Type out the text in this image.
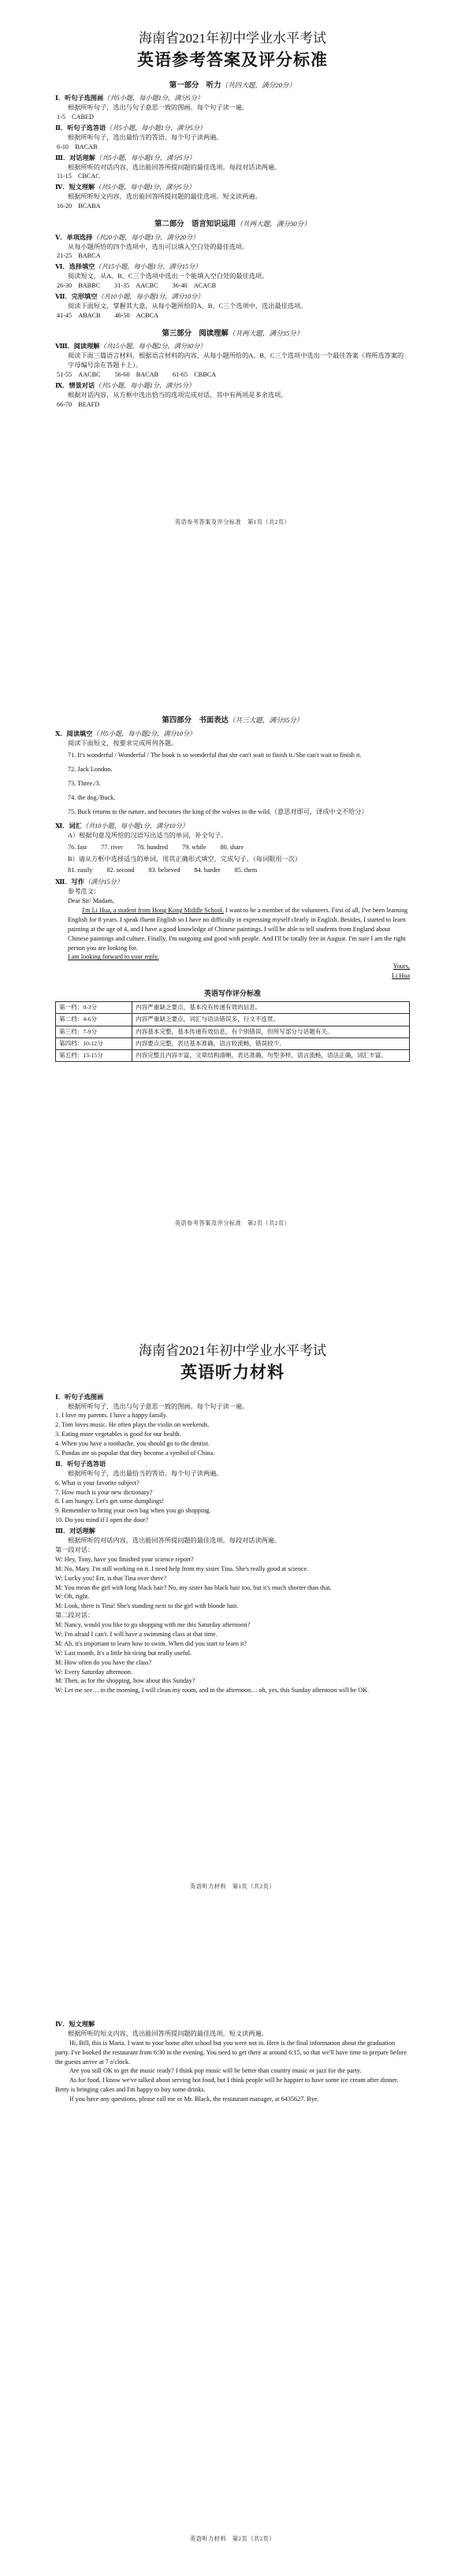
海南省2021年初中学业水平考试
英语参考答案及评分标准
第一部分　听力（共四大题，满分20分）
Ⅰ．听句子选图画（共5小题，每小题1分，满分5分）
根据所听句子，选出与句子意思一致的图画。每个句子读一遍。
1-5　CABED
Ⅱ．听句子选答语（共5小题，每小题1分，满分5分）
根据所听句子，选出最恰当的答语。每个句子读两遍。
6-10　BACAB
Ⅲ．对话理解（共5小题，每小题1分，满分5分）
根据所听的对话内容，选出能回答所提问题的最佳选项。每段对话读两遍。
11-15　CBCAC
Ⅳ．短文理解（共5小题，每小题1分，满分5分）
根据所听短文内容，选出能回答所提问题的最佳选项。短文读两遍。
16-20　BCABA
第二部分　语言知识运用（共两大题，满分30分）
Ⅴ．单项选择（共20小题，每小题1分，满分20分）
从每小题所给的四个选项中，选出可以填入空白处的最佳选项。
21-25　BABCA
Ⅵ．选择填空（共15小题，每小题1分，满分15分）
阅读短文，从A、B、C三个选项中选出一个能填入空白处的最佳选项。
26-30　BABBC 31-35　AACBC 36-40　ACACB
Ⅶ．完形填空（共10小题，每小题1分，满分10分）
阅读下面短文，掌握其大意，从每小题所给的A、B、C三个选项中，选出最佳选项。
41-45　ABACB 46-50　ACBCA
第三部分　阅读理解（共两大题，满分35分）
Ⅷ．阅读理解（共15小题，每小题2分，满分30分）
阅读下面三篇语言材料，根据语言材料的内容，从每小题所给的A、B、C三个选项中选出一个最佳答案（将所选答案的字母编号涂在答题卡上）。
51-55　AACBC 56-60　BACAB 61-65　CBBCA
Ⅸ．情景对话（共5小题，每小题1分，满分5分）
根据对话内容，从方框中选出恰当的选项完成对话，其中有两项是多余选项。
66-70　BEAFD
英语参考答案及评分标准　第1页（共2页）
第四部分　书面表达（共三大题，满分35分）
Ⅹ．阅读填空（共5小题，每小题2分，满分10分）
阅读下面短文，按要求完成所列各题。
71. It's wonderful / Wonderful / The book is so wonderful that she can't wait to finish it./She can't wait to finish it.
72. Jack London.
73. Three./3.
74. the dog./Buck.
75. Buck returns to the nature, and becomes the king of the wolves in the wild.（意思对即可，译成中文不给分）
Ⅺ．词汇（共10小题，每小题1分，满分10分）
A）根据句意及所给的汉语写出适当的单词，补全句子。
76. fast 77. river 78. hundred 79. while 80. share
B）请从方框中选择适当的单词，用其正确形式填空，完成句子。（每词限用一次）
81. easily 82. second 83. believed 84. harder 85. them
Ⅻ．写作（满分15分）
参考范文：

Dear Sir/ Madam,

I'm Li Hua, a student from Hong Kong Middle School. I want to be a member of the volunteers. First of all, I've been learning English for 8 years. I speak fluent English so I have no difficulty in expressing myself clearly in English. Besides, I started to learn painting at the age of 4, and I have a good knowledge of Chinese paintings. I will be able to tell students from England about Chinese paintings and culture. Finally, I'm outgoing and good with people. And I'll be totally free in August. I'm sure I am the right person you are looking for.

I am looking forward to your reply.

Yours,

Li Hua

英语写作评分标准
第一档：0-3分	内容严重缺乏要点，基本没有传递有效的信息。
第二档：4-6分	内容严重缺乏要点，词汇与语法错误多，行文不连贯。
第三档：7-9分	内容基本完整，基本传递有效信息，有个别错误，但所写部分与话题有关。
第四档：10-12分	内容要点完整，表达基本准确，语言较流畅，错误较少。
第五档：13-15分	内容完整且内容丰富，文章结构清晰，表达准确，句型多样，语言流畅，语法正确，词汇丰富。
英语参考答案及评分标准　第2页（共2页）
海南省2021年初中学业水平考试
英语听力材料
Ⅰ．听句子选图画
根据所听句子，选出与句子意思一致的图画。每个句子读一遍。

1. I love my parents. I have a happy family.

2. Tom loves music. He often plays the violin on weekends.

3. Eating more vegetables is good for our health.

4. When you have a toothache, you should go to the dentist.

5. Pandas are so popular that they become a symbol of China.

Ⅱ．听句子选答语
根据所听句子，选出最恰当的答语。每个句子读两遍。

6. What is your favorite subject?

7. How much is your new dictionary?

8. I am hungry. Let's get some dumplings!

9. Remember to bring your own bag when you go shopping.

10. Do you mind if I open the door?

Ⅲ．对话理解
根据所听的对话内容，选出能回答所提问题的最佳选项。每段对话读两遍。

第一段对话：

W: Hey, Tony, have you finished your science report?

M: No, Mary. I'm still working on it. I need help from my sister Tina. She's really good at science.

W: Lucky you! Err, is that Tina over there?

M: You mean the girl with long black hair? No, my sister has black hair too, but it's much shorter than that.

W: Oh, right.

M: Look, there is Tina! She's standing next to the girl with blonde hair.

第二段对话：

M: Nancy, would you like to go shopping with me this Saturday afternoon?

W: I'm afraid I can't. I will have a swimming class at that time.

M: Ah, it's important to learn how to swim. When did you start to learn it?

W: Last month. It's a little bit tiring but really useful.

M: How often do you have the class?

W: Every Saturday afternoon.

M: Then, as for the shopping, how about this Sunday?

W: Let me see… in the morning, I will clean my room, and in the afternoon… oh, yes, this Sunday afternoon will be OK.

英语听力材料　第1页（共2页）
Ⅳ．短文理解
根据所听的短文内容，选出能回答所提问题的最佳选项。短文读两遍。

Hi, Bill, this is Maria. I want to your home after school but you were not in. Here is the final information about the graduation party. I've booked the restaurant from 6:30 in the evening. You need to get there at around 6:15, so that we'll have time to prepare before the guests arrive at 7 o'clock.

Are you still OK to get the music ready? I think pop music will be better than country music or jazz for the party.

As for food, I know we've talked about serving hot food, but I think people will be happier to have some ice cream after dinner. Betty is bringing cakes and I'm happy to buy some drinks.

If you have any questions, please call me or Mr. Black, the restaurant manager, at 6435627. Bye.

英语听力材料　第2页（共2页）
